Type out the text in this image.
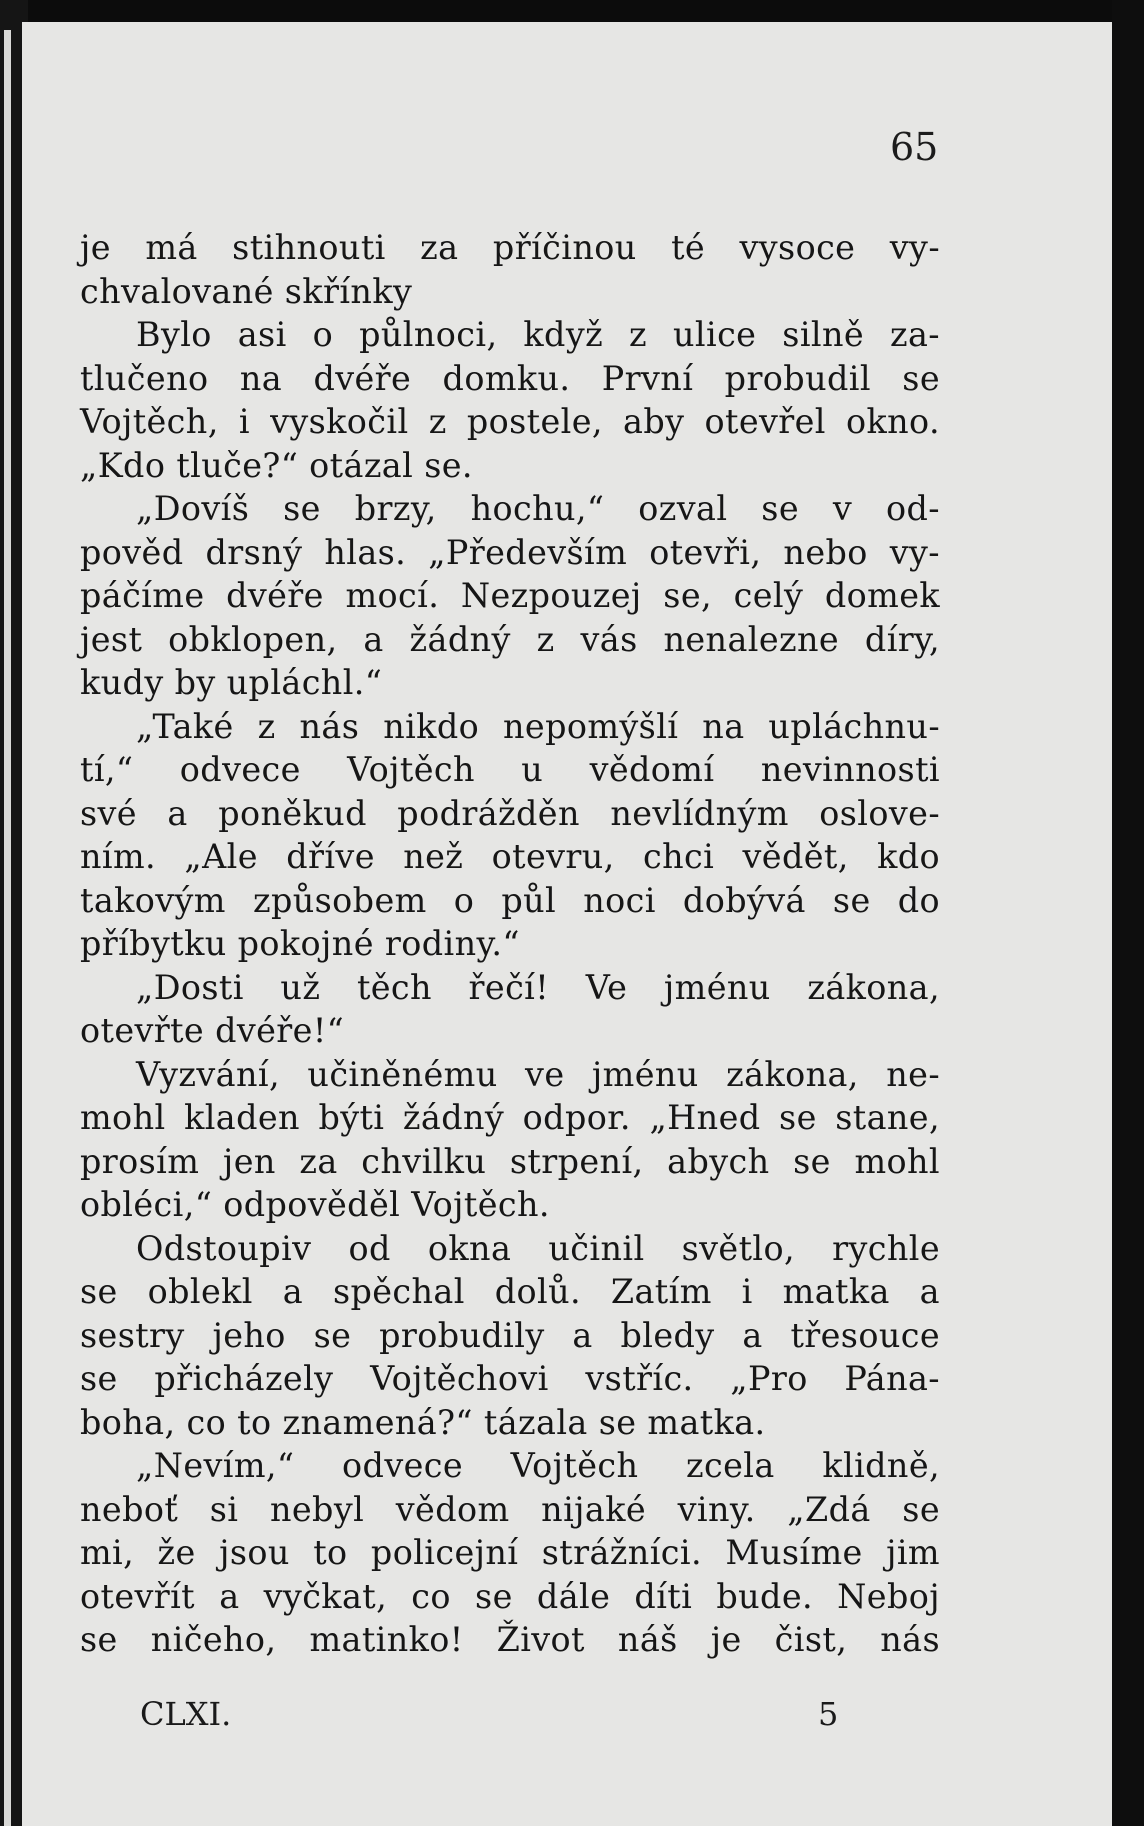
65
je má stihnouti za příčinou té vysoce vy-
chvalované skřínky
Bylo asi o půlnoci, když z ulice silně za-
tlučeno na dvéře domku. První probudil se
Vojtěch, i vyskočil z postele, aby otevřel okno.
„Kdo tluče?“ otázal se.
„Dovíš se brzy, hochu,“ ozval se v od-
pověd drsný hlas. „Především otevři, nebo vy-
páčíme dvéře mocí. Nezpouzej se, celý domek
jest obklopen, a žádný z vás nenalezne díry,
kudy by upláchl.“
„Také z nás nikdo nepomýšlí na upláchnu-
tí,“ odvece Vojtěch u vědomí nevinnosti
své a poněkud podrážděn nevlídným oslove-
ním. „Ale dříve než otevru, chci vědět, kdo
takovým způsobem o půl noci dobývá se do
příbytku pokojné rodiny.“
„Dosti už těch řečí! Ve jménu zákona,
otevřte dvéře!“
Vyzvání, učiněnému ve jménu zákona, ne-
mohl kladen býti žádný odpor. „Hned se stane,
prosím jen za chvilku strpení, abych se mohl
obléci,“ odpověděl Vojtěch.
Odstoupiv od okna učinil světlo, rychle
se oblekl a spěchal dolů. Zatím i matka a
sestry jeho se probudily a bledy a třesouce
se přicházely Vojtěchovi vstříc. „Pro Pána-
boha, co to znamená?“ tázala se matka.
„Nevím,“ odvece Vojtěch zcela klidně,
neboť si nebyl vědom nijaké viny. „Zdá se
mi, že jsou to policejní strážníci. Musíme jim
otevřít a vyčkat, co se dále díti bude. Neboj
se ničeho, matinko! Život náš je čist, nás
CLXI.	5
